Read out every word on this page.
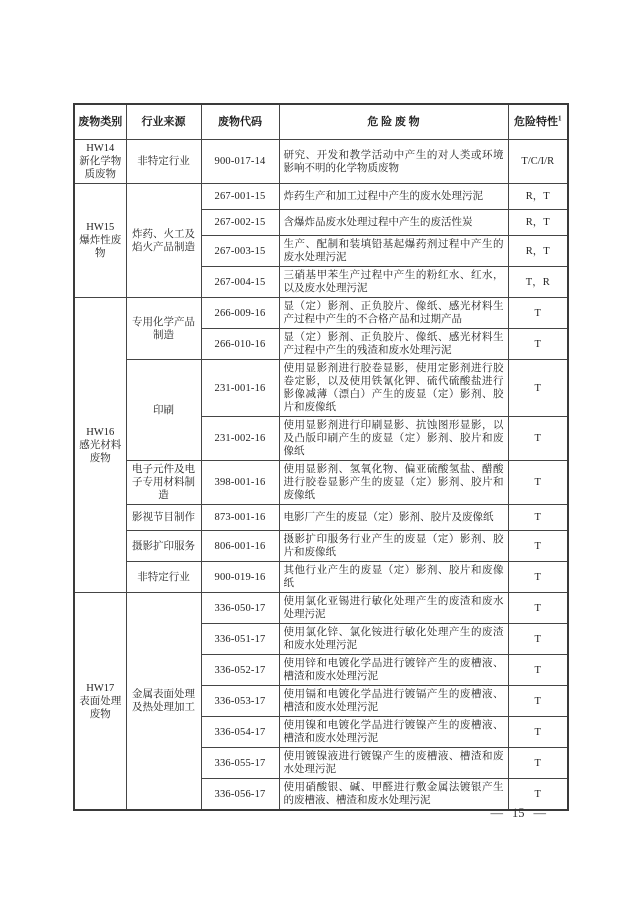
废物类别	行业来源	废物代码	危 险 废 物	危险特性$^1$

HW14
新化学物质废物	非特定行业	900-017-14	研究、开发和教学活动中产生的对人类或环境影响不明的化学物质废物	T/C/I/R

HW15
爆炸性废物	炸药、火工及焰火产品制造	267-001-15	炸药生产和加工过程中产生的废水处理污泥	R，T
		267-002-15	含爆炸品废水处理过程中产生的废活性炭	R，T
		267-003-15	生产、配制和装填铅基起爆药剂过程中产生的废水处理污泥	R，T
		267-004-15	三硝基甲苯生产过程中产生的粉红水、红水，以及废水处理污泥	T，R

HW16
感光材料废物	专用化学产品制造	266-009-16	显（定）影剂、正负胶片、像纸、感光材料生产过程中产生的不合格产品和过期产品	T
		266-010-16	显（定）影剂、正负胶片、像纸、感光材料生产过程中产生的残渣和废水处理污泥	T
	印刷	231-001-16	使用显影剂进行胶卷显影，使用定影剂进行胶卷定影，以及使用铁氰化钾、硫代硫酸盐进行影像减薄（漂白）产生的废显（定）影剂、胶片和废像纸	T
		231-002-16	使用显影剂进行印刷显影、抗蚀图形显影，以及凸版印刷产生的废显（定）影剂、胶片和废像纸	T
	电子元件及电子专用材料制造	398-001-16	使用显影剂、氢氧化物、偏亚硫酸氢盐、醋酸进行胶卷显影产生的废显（定）影剂、胶片和废像纸	T
	影视节目制作	873-001-16	电影厂产生的废显（定）影剂、胶片及废像纸	T
	摄影扩印服务	806-001-16	摄影扩印服务行业产生的废显（定）影剂、胶片和废像纸	T
	非特定行业	900-019-16	其他行业产生的废显（定）影剂、胶片和废像纸	T

HW17
表面处理废物	金属表面处理及热处理加工	336-050-17	使用氯化亚锡进行敏化处理产生的废渣和废水处理污泥	T
		336-051-17	使用氯化锌、氯化铵进行敏化处理产生的废渣和废水处理污泥	T
		336-052-17	使用锌和电镀化学品进行镀锌产生的废槽液、槽渣和废水处理污泥	T
		336-053-17	使用镉和电镀化学品进行镀镉产生的废槽液、槽渣和废水处理污泥	T
		336-054-17	使用镍和电镀化学品进行镀镍产生的废槽液、槽渣和废水处理污泥	T
		336-055-17	使用镀镍液进行镀镍产生的废槽液、槽渣和废水处理污泥	T
		336-056-17	使用硝酸银、碱、甲醛进行敷金属法镀银产生的废槽液、槽渣和废水处理污泥	T
— 15 —
